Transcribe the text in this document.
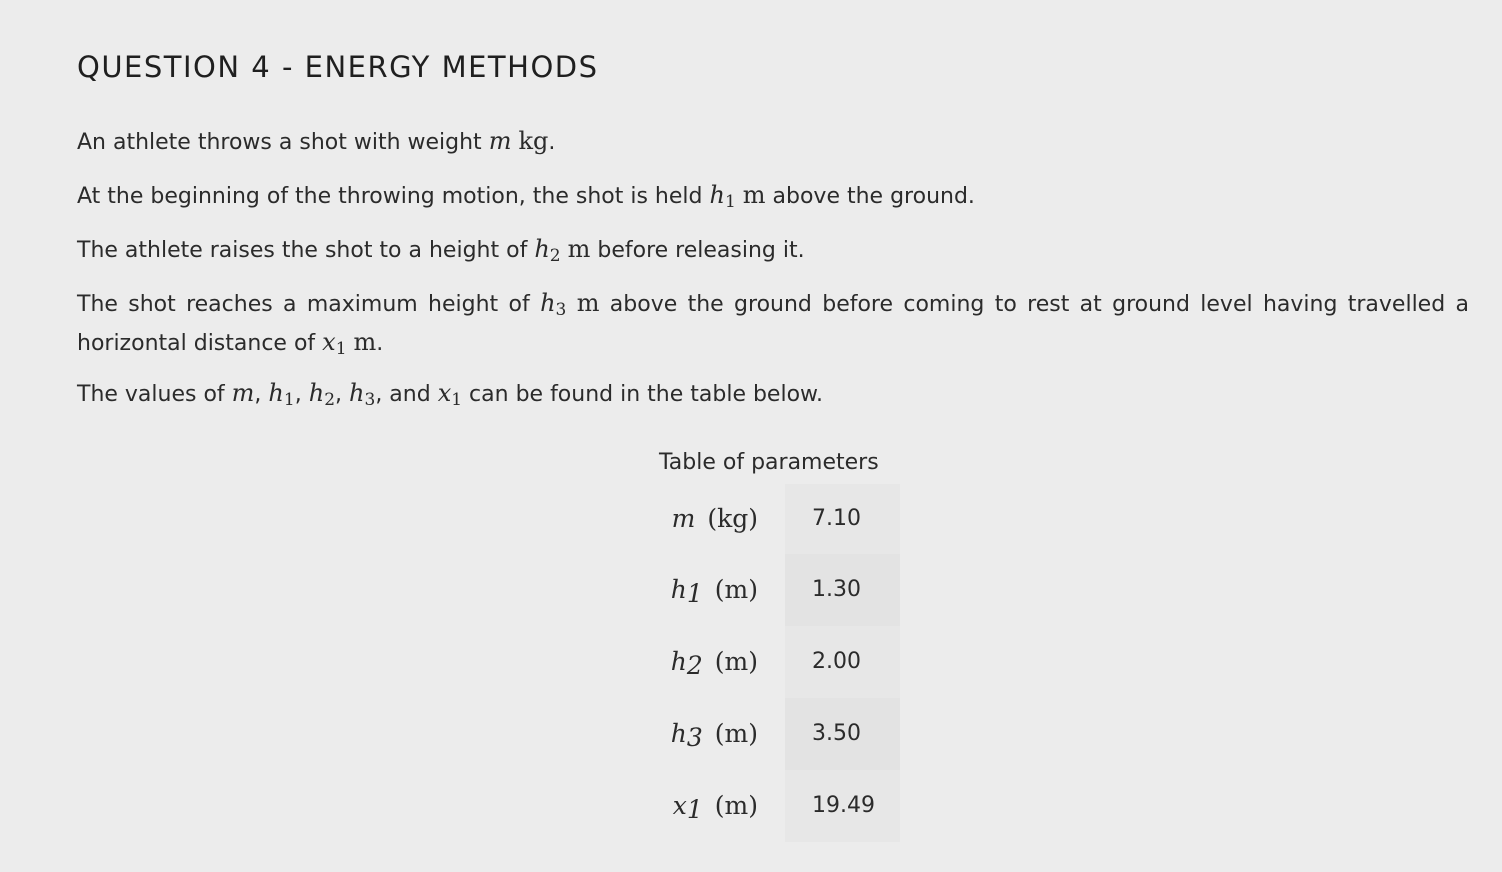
QUESTION 4 - ENERGY METHODS

An athlete throws a shot with weight m kg.

At the beginning of the throwing motion, the shot is held h1 m above the ground.

The athlete raises the shot to a height of h2 m before releasing it.

The shot reaches a maximum height of h3 m above the ground before coming to rest at ground level having travelled a horizontal distance of x1 m.

The values of m, h1, h2, h3, and x1 can be found in the table below.

Table of parameters
m (kg)	7.10
h1 (m)	1.30
h2 (m)	2.00
h3 (m)	3.50
x1 (m)	19.49
